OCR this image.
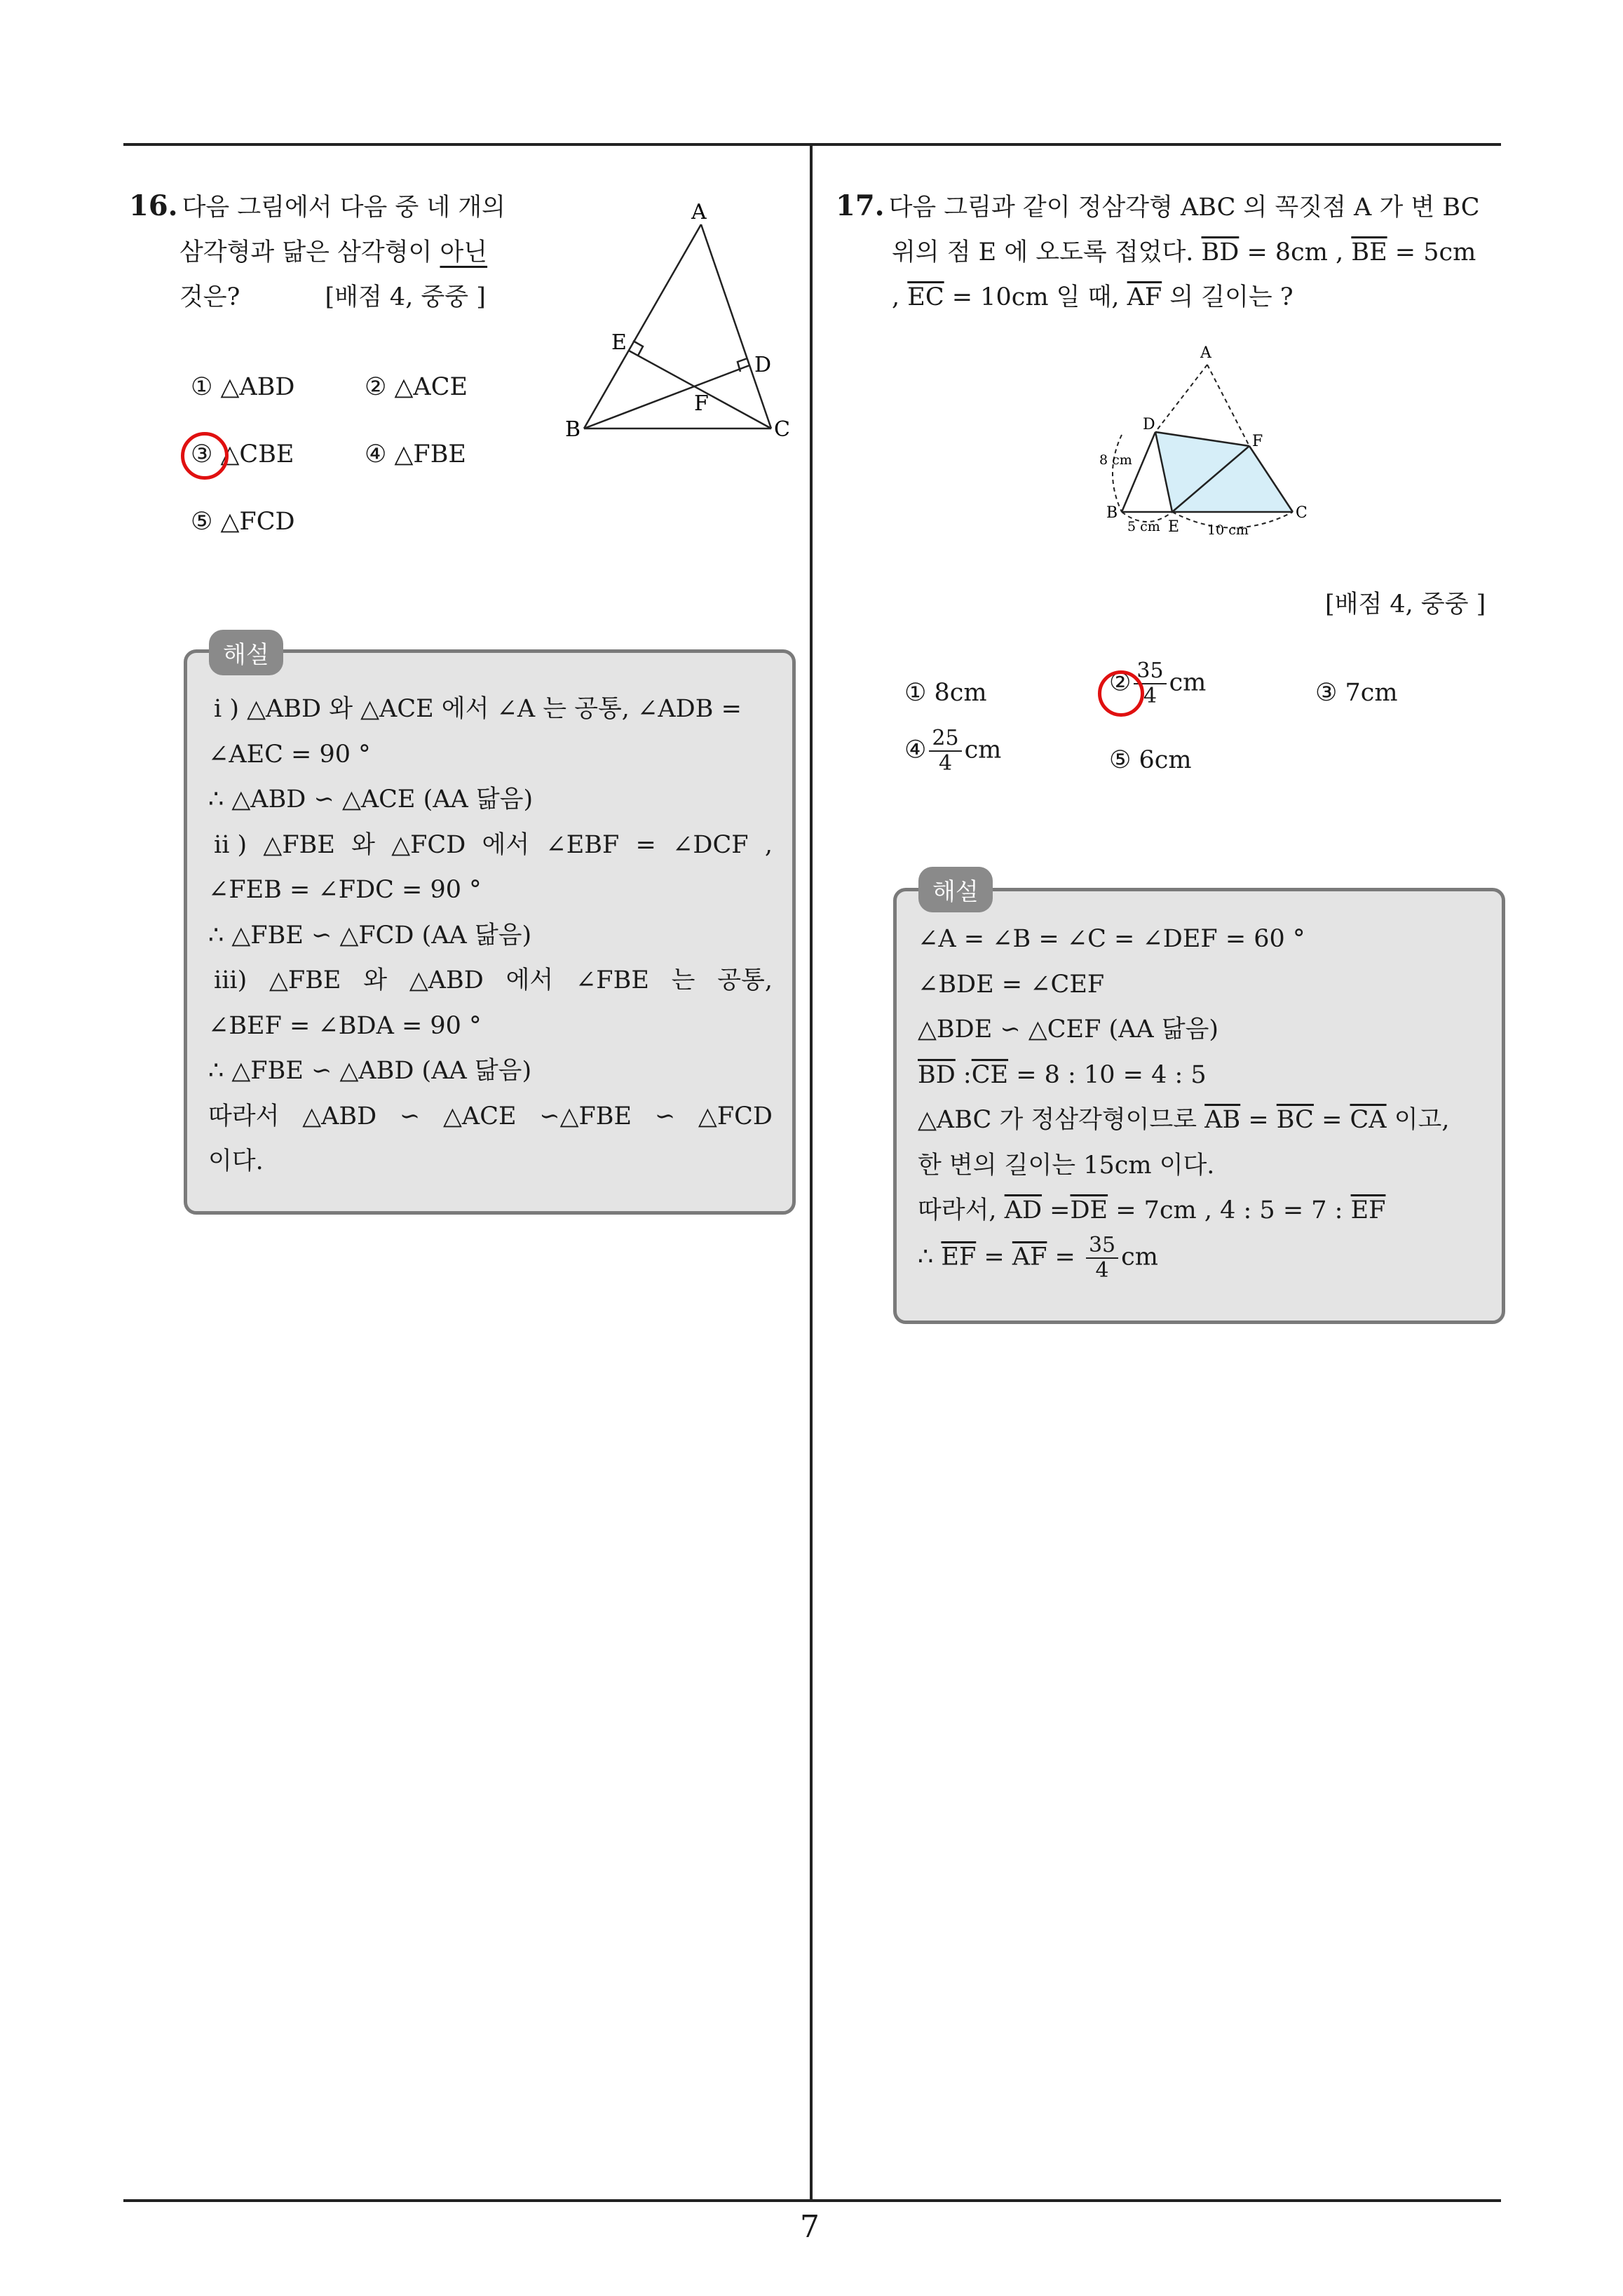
7
16. 다음 그림에서 다음 중 네 개의
삼각형과 닮은 삼각형이 아닌
것은?	[배점 4, 중중 ]
A
B	C
D
E
F
① △ABD	② △ACE
③ △CBE	④ △FBE
⑤ △FCD
i ) △ABD 와 △ACE 에서 ∠A 는 공통, ∠ADB =
∠AEC = 90 °
∴ △ABD ∽ △ACE (AA 닮음)
ii ) △FBE 와 △FCD 에서 ∠EBF = ∠DCF ,
∠FEB = ∠FDC = 90 °
∴ △FBE ∽ △FCD (AA 닮음)
iii) △FBE 와 △ABD 에서 ∠FBE 는 공통,
∠BEF = ∠BDA = 90 °
∴ △FBE ∽ △ABD (AA 닮음)
따라서 △ABD ∽ △ACE ∽△FBE ∽ △FCD
이다.
해설
17. 다음 그림과 같이 정삼각형 ABC 의 꼭짓점 A 가 변 BC
위의 점 E 에 오도록 접었다. $\overline{BD} = 8cm$ , $\overline{BE} = 5cm$
, $\overline{EC} = 10cm$ 일 때, $\overline{AF}$ 의 길이는 ?
A
B	C
D
E
F
8 cm
5 cm	10 cm
[배점 4, 중중 ]
① 8cm	② $\frac{35}{4}$ cm	③ 7cm
④ $\frac{25}{4}$ cm	⑤ 6cm
∠A = ∠B = ∠C = ∠DEF = 60 °
∠BDE = ∠CEF
△BDE ∽ △CEF (AA 닮음)
$\overline{BD}$ $:\overline{CE} = 8$ : 10 = 4 : 5
△ABC 가 정삼각형이므로 $\overline{AB} = \overline{BC} = \overline{CA}$ 이고,
한 변의 길이는 15cm 이다.
따라서, $\overline{AD} =\overline{DE} = 7cm$ , 4 : 5 = 7 : $\overline{EF}$
∴ $\overline{EF} = \overline{AF} = \frac{35}{4}$ cm
해설
